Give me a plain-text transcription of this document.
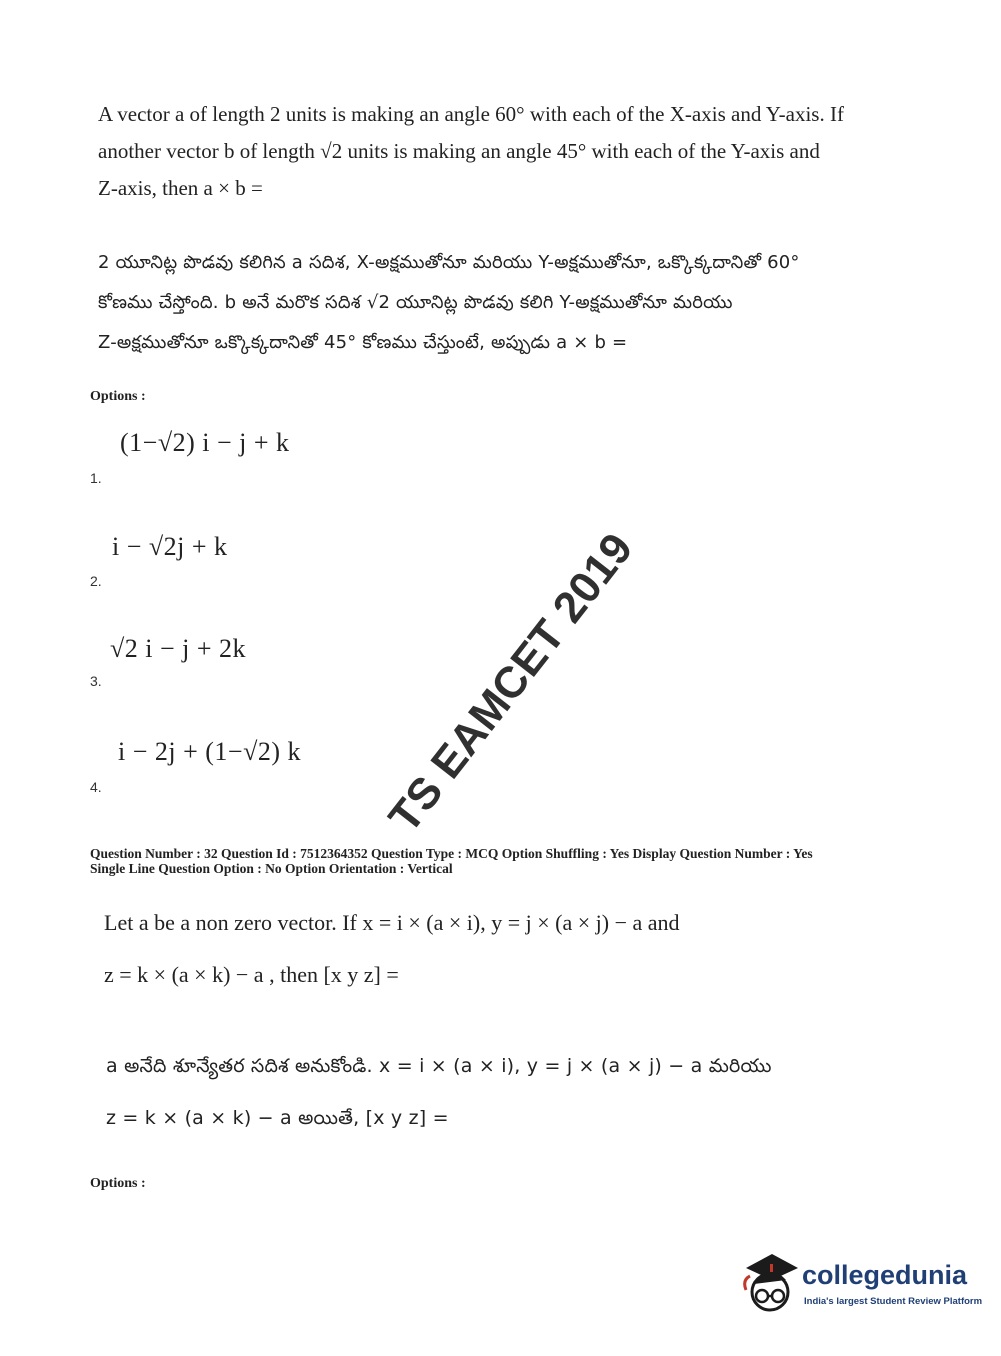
A vector a of length 2 units is making an angle 60° with each of the X-axis and Y-axis. If
another vector b of length √2 units is making an angle 45° with each of the Y-axis and
Z-axis, then a × b =
2 యూనిట్ల పొడవు కలిగిన a సదిశ, X-అక్షముతోనూ మరియు Y-అక్షముతోనూ, ఒక్కొక్కదానితో 60°
కోణము చేస్తోంది. b అనే మరొక సదిశ √2 యూనిట్ల పొడవు కలిగి Y-అక్షముతోనూ మరియు
Z-అక్షముతోనూ ఒక్కొక్కదానితో 45° కోణము చేస్తుంటే, అప్పుడు a × b =
Options :
(1−√2) i − j + k
1.
i − √2j + k
2.
√2 i − j + 2k
3.
i − 2j + (1−√2) k
4.	TS EAMCET 2019
Question Number : 32 Question Id : 7512364352 Question Type : MCQ Option Shuffling : Yes Display Question Number : Yes
Single Line Question Option : No Option Orientation : Vertical
Let a be a non zero vector. If x = i × (a × i), y = j × (a × j) − a and
z = k × (a × k) − a , then [x y z] =
a అనేది శూన్యేతర సదిశ అనుకోండి. x = i × (a × i), y = j × (a × j) − a మరియు
z = k × (a × k) − a అయితే, [x y z] =
Options :
collegedunia
India's largest Student Review Platform
